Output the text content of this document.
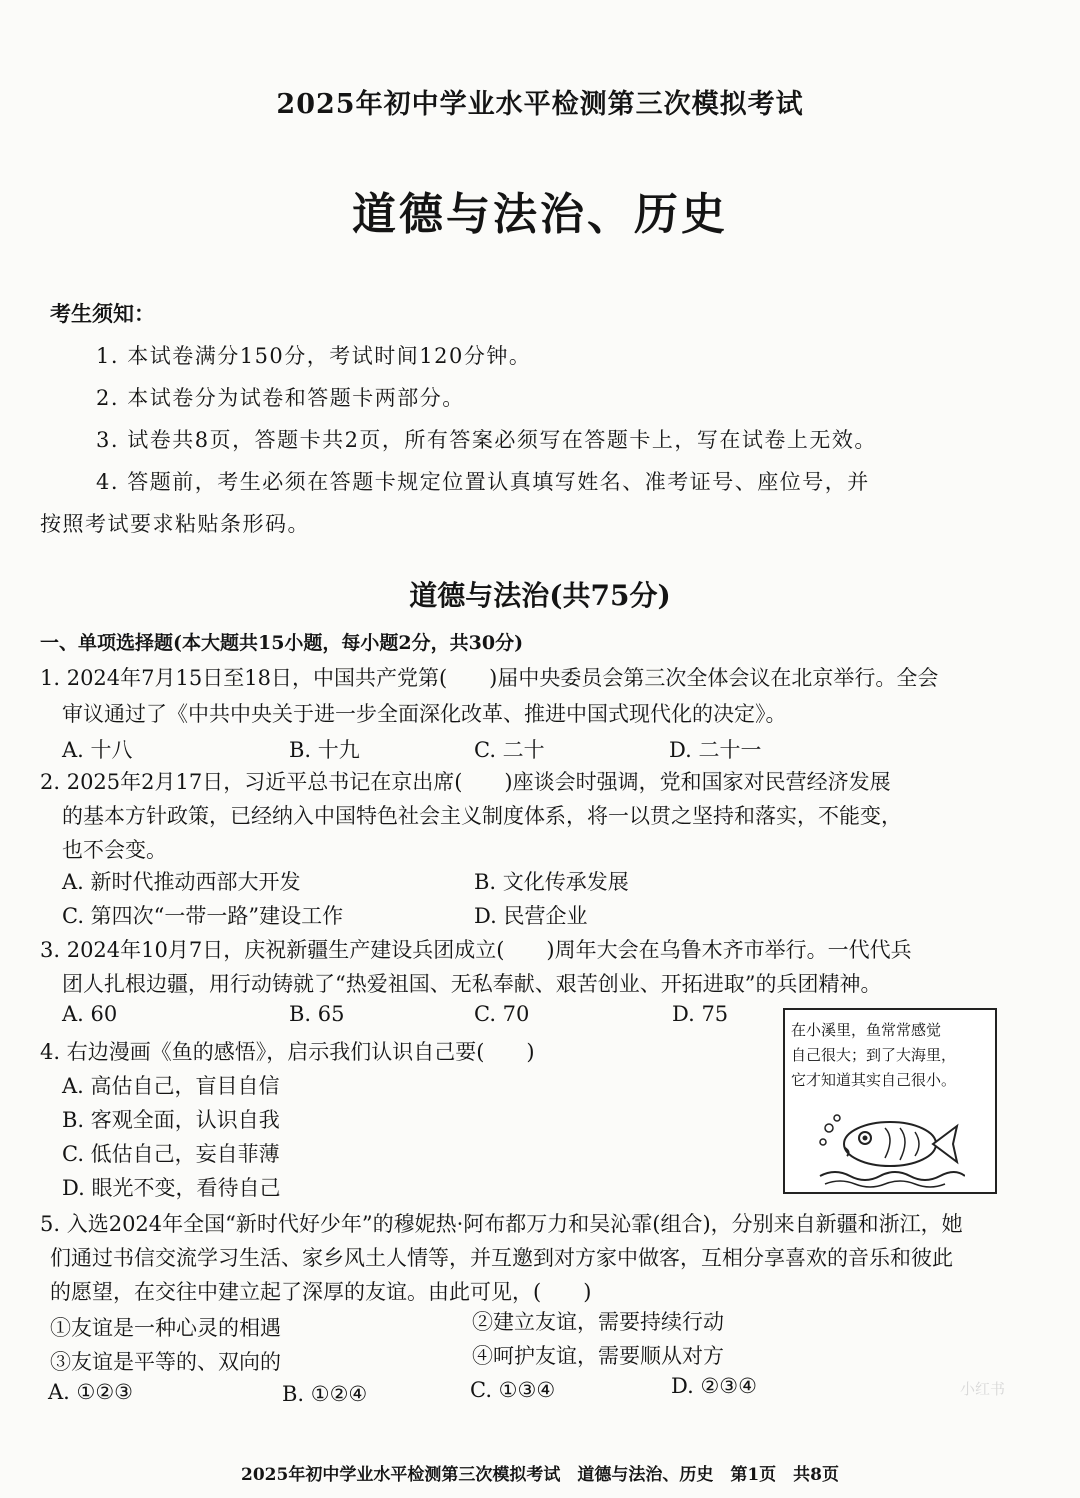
2025年初中学业水平检测第三次模拟考试
道德与法治、历史
考生须知：
1. 本试卷满分150分，考试时间120分钟。
2. 本试卷分为试卷和答题卡两部分。
3. 试卷共8页，答题卡共2页，所有答案必须写在答题卡上，写在试卷上无效。
4. 答题前，考生必须在答题卡规定位置认真填写姓名、准考证号、座位号，并
按照考试要求粘贴条形码。
道德与法治(共75分)
一、单项选择题(本大题共15小题，每小题2分，共30分)
1. 2024年7月15日至18日，中国共产党第(　　)届中央委员会第三次全体会议在北京举行。全会
审议通过了《中共中央关于进一步全面深化改革、推进中国式现代化的决定》。
A. 十八	B. 十九	C. 二十	D. 二十一
2. 2025年2月17日，习近平总书记在京出席(　　)座谈会时强调，党和国家对民营经济发展
的基本方针政策，已经纳入中国特色社会主义制度体系，将一以贯之坚持和落实，不能变，
也不会变。
A. 新时代推动西部大开发	B. 文化传承发展
C. 第四次“一带一路”建设工作	D. 民营企业
3. 2024年10月7日，庆祝新疆生产建设兵团成立(　　)周年大会在乌鲁木齐市举行。一代代兵
团人扎根边疆，用行动铸就了“热爱祖国、无私奉献、艰苦创业、开拓进取”的兵团精神。
A. 60	B. 65	C. 70	D. 75
4. 右边漫画《鱼的感悟》，启示我们认识自己要(　　)
A. 高估自己，盲目自信
B. 客观全面，认识自我
C. 低估自己，妄自菲薄
D. 眼光不变，看待自己
在小溪里，鱼常常感觉
自己很大；到了大海里，
它才知道其实自己很小。
5. 入选2024年全国“新时代好少年”的穆妮热·阿布都万力和吴沁霏(组合)，分别来自新疆和浙江，她
们通过书信交流学习生活、家乡风土人情等，并互邀到对方家中做客，互相分享喜欢的音乐和彼此
的愿望，在交往中建立起了深厚的友谊。由此可见，(　　)
①友谊是一种心灵的相遇	②建立友谊，需要持续行动
③友谊是平等的、双向的	④呵护友谊，需要顺从对方
A. ①②③	B. ①②④	C. ①③④	D. ②③④	小红书
2025年初中学业水平检测第三次模拟考试　道德与法治、历史　第1页　共8页
